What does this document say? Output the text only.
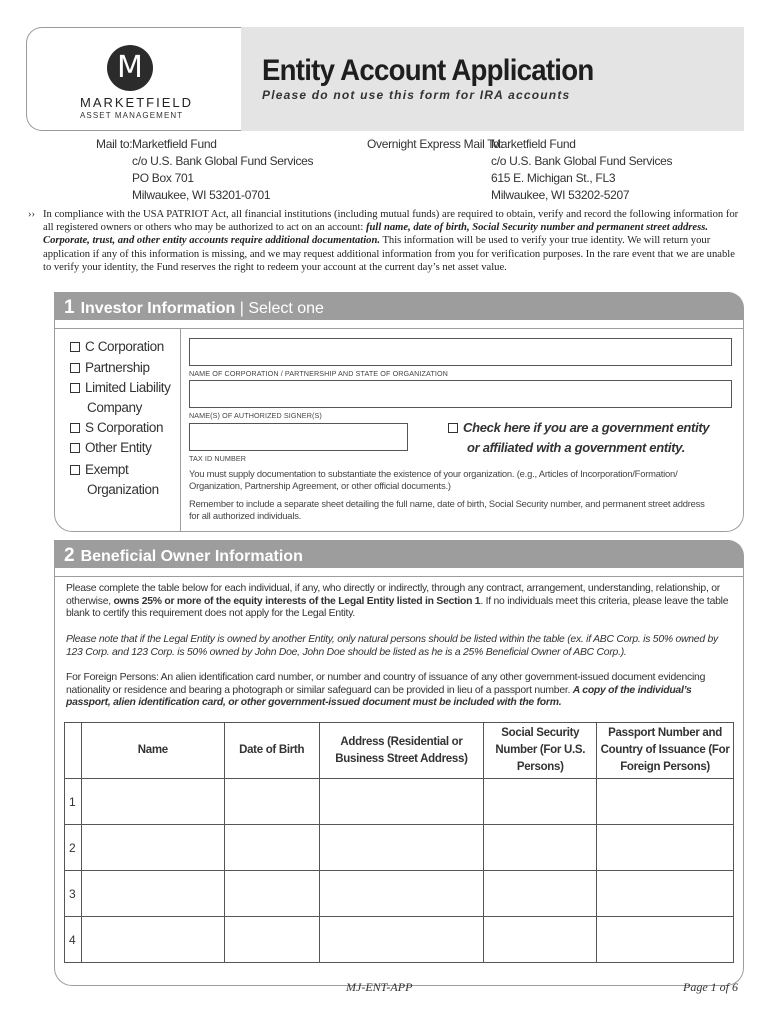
M
MARKETFIELD
ASSET MANAGEMENT
Entity Account Application
Please do not use this form for IRA accounts
Mail to: Marketfield Fund
c/o U.S. Bank Global Fund Services
PO Box 701
Milwaukee, WI 53201-0701
Overnight Express Mail To:
Marketfield Fund
c/o U.S. Bank Global Fund Services
615 E. Michigan St., FL3
Milwaukee, WI 53202-5207
›› In compliance with the USA PATRIOT Act, all financial institutions (including mutual funds) are required to obtain, verify and record the following information for all registered owners or others who may be authorized to act on an account: full name, date of birth, Social Security number and permanent street address. Corporate, trust, and other entity accounts require additional documentation. This information will be used to verify your true identity. We will return your application if any of this information is missing, and we may request additional information from you for verification purposes. In the rare event that we are unable to verify your identity, the Fund reserves the right to redeem your account at the current day’s net asset value.
1 Investor Information | Select one
C Corporation
Partnership
Limited Liability
Company
S Corporation
Other Entity
Exempt
Organization
NAME OF CORPORATION / PARTNERSHIP AND STATE OF ORGANIZATION
NAME(S) OF AUTHORIZED SIGNER(S)
TAX ID NUMBER
Check here if you are a government entity
or affiliated with a government entity.
You must supply documentation to substantiate the existence of your organization. (e.g., Articles of Incorporation/Formation/
Organization, Partnership Agreement, or other official documents.)
Remember to include a separate sheet detailing the full name, date of birth, Social Security number, and permanent street address
for all authorized individuals.
2 Beneficial Owner Information
Please complete the table below for each individual, if any, who directly or indirectly, through any contract, arrangement, understanding, relationship, or otherwise, owns 25% or more of the equity interests of the Legal Entity listed in Section 1. If no individuals meet this criteria, please leave the table blank to certify this requirement does not apply for the Legal Entity.
Please note that if the Legal Entity is owned by another Entity, only natural persons should be listed within the table (ex. if ABC Corp. is 50% owned by 123 Corp. and 123 Corp. is 50% owned by John Doe, John Doe should be listed as he is a 25% Beneficial Owner of ABC Corp.).
For Foreign Persons: An alien identification card number, or number and country of issuance of any other government-issued document evidencing nationality or residence and bearing a photograph or similar safeguard can be provided in lieu of a passport number. A copy of the individual’s passport, alien identification card, or other government-issued document must be included with the form.
	Name	Date of Birth	Address (Residential or Business Street Address)	Social Security Number (For U.S. Persons)	Passport Number and Country of Issuance (For Foreign Persons)
1					
2					
3					
4					
MJ-ENT-APP	Page 1 of 6
